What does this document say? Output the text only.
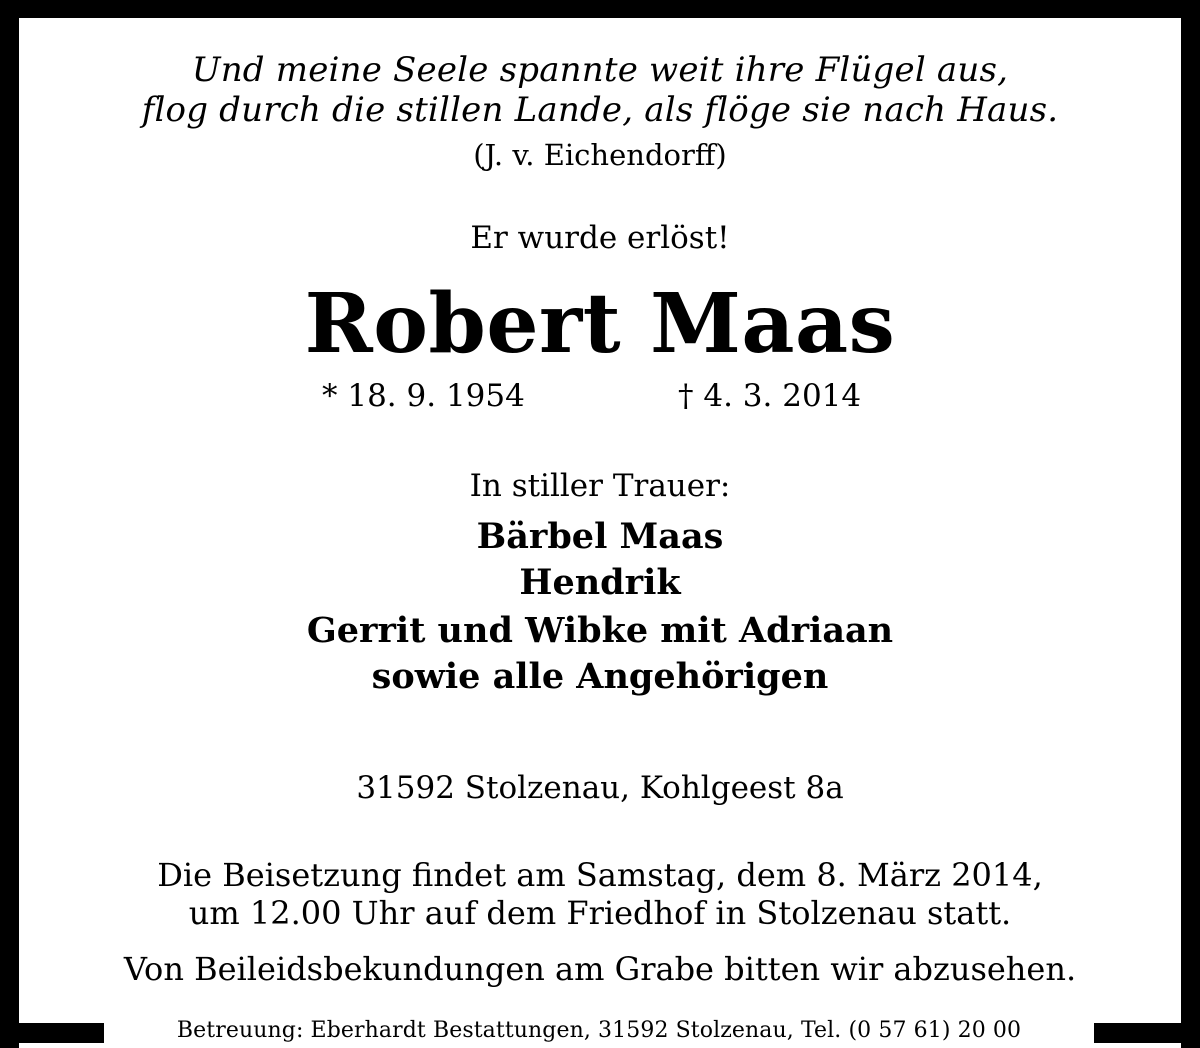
Und meine Seele spannte weit ihre Flügel aus,
flog durch die stillen Lande, als flöge sie nach Haus.
(J. v. Eichendorff)
Er wurde erlöst!
Robert Maas
* 18. 9. 1954	† 4. 3. 2014
In stiller Trauer:
Bärbel Maas
Hendrik
Gerrit und Wibke mit Adriaan
sowie alle Angehörigen
31592 Stolzenau, Kohlgeest 8a
Die Beisetzung findet am Samstag, dem 8. März 2014,
um 12.00 Uhr auf dem Friedhof in Stolzenau statt.
Von Beileidsbekundungen am Grabe bitten wir abzusehen.
Betreuung: Eberhardt Bestattungen, 31592 Stolzenau, Tel. (0 57 61) 20 00
